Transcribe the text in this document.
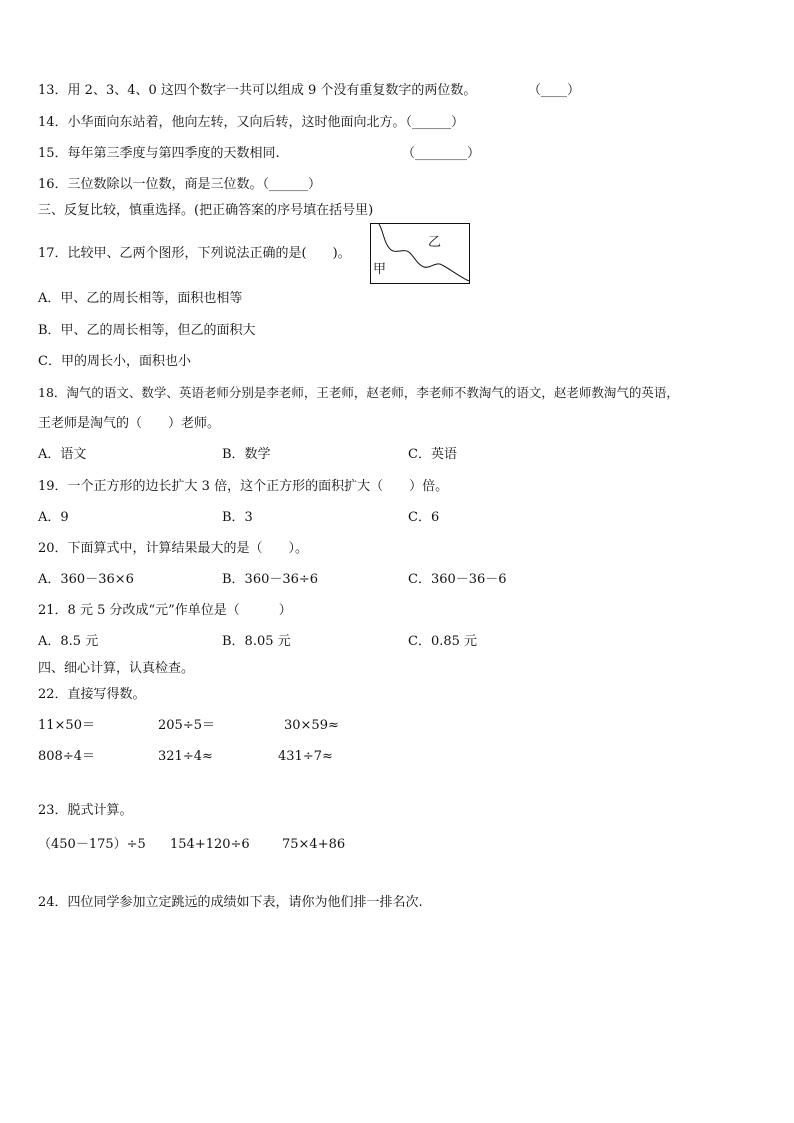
13．用 2、3、4、0 这四个数字一共可以组成 9 个没有重复数字的两位数。	（____）
14．小华面向东站着，他向左转，又向后转，这时他面向北方。（______）
15．每年第三季度与第四季度的天数相同.	（________）
16．三位数除以一位数，商是三位数。（______）
三、反复比较，慎重选择。(把正确答案的序号填在括号里)
17．比较甲、乙两个图形，下列说法正确的是(　　)。
甲
乙
A．甲、乙的周长相等，面积也相等
B．甲、乙的周长相等，但乙的面积大
C．甲的周长小，面积也小
18．淘气的语文、数学、英语老师分别是李老师，王老师，赵老师，李老师不教淘气的语文，赵老师教淘气的英语，
王老师是淘气的（　　）老师。
A．语文	B．数学	C．英语
19．一个正方形的边长扩大 3 倍，这个正方形的面积扩大（　　）倍。
A．9	B．3	C．6
20．下面算式中，计算结果最大的是（　　）。
A．360－36×6	B．360－36÷6	C．360－36－6
21．8 元 5 分改成“元”作单位是（　　　）
A．8.5 元	B．8.05 元	C．0.85 元
四、细心计算，认真检查。
22．直接写得数。
11×50＝	205÷5＝	30×59≈
808÷4＝	321÷4≈	431÷7≈
23．脱式计算。
（450－175）÷5 154+120÷6 75×4+86
24．四位同学参加立定跳远的成绩如下表，请你为他们排一排名次.
